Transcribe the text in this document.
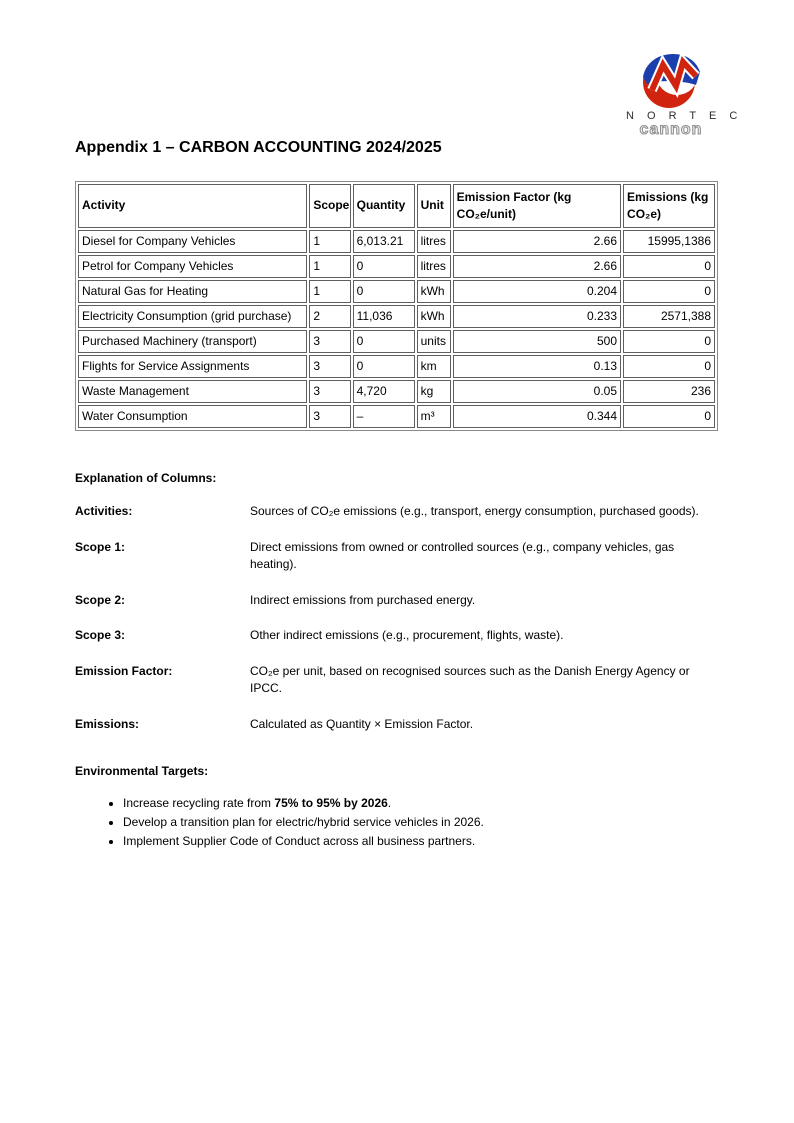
N O R T E C
cannon
Appendix 1 – CARBON ACCOUNTING 2024/2025
Activity	Scope	Quantity	Unit	Emission Factor (kg CO₂e/unit)	Emissions (kg CO₂e)
Diesel for Company Vehicles	1	6,013.21	litres	2.66	15995,1386
Petrol for Company Vehicles	1	0	litres	2.66	0
Natural Gas for Heating	1	0	kWh	0.204	0
Electricity Consumption (grid purchase)	2	11,036	kWh	0.233	2571,388
Purchased Machinery (transport)	3	0	units	500	0
Flights for Service Assignments	3	0	km	0.13	0
Waste Management	3	4,720	kg	0.05	236
Water Consumption	3	–	m³	0.344	0
Explanation of Columns:
Activities:	Sources of CO₂e emissions (e.g., transport, energy consumption, purchased goods).
Scope 1:	Direct emissions from owned or controlled sources (e.g., company vehicles, gas heating).
Scope 2:	Indirect emissions from purchased energy.
Scope 3:	Other indirect emissions (e.g., procurement, flights, waste).
Emission Factor:	CO₂e per unit, based on recognised sources such as the Danish Energy Agency or IPCC.
Emissions:	Calculated as Quantity × Emission Factor.
Environmental Targets:
• Increase recycling rate from 75% to 95% by 2026.
• Develop a transition plan for electric/hybrid service vehicles in 2026.
• Implement Supplier Code of Conduct across all business partners.
